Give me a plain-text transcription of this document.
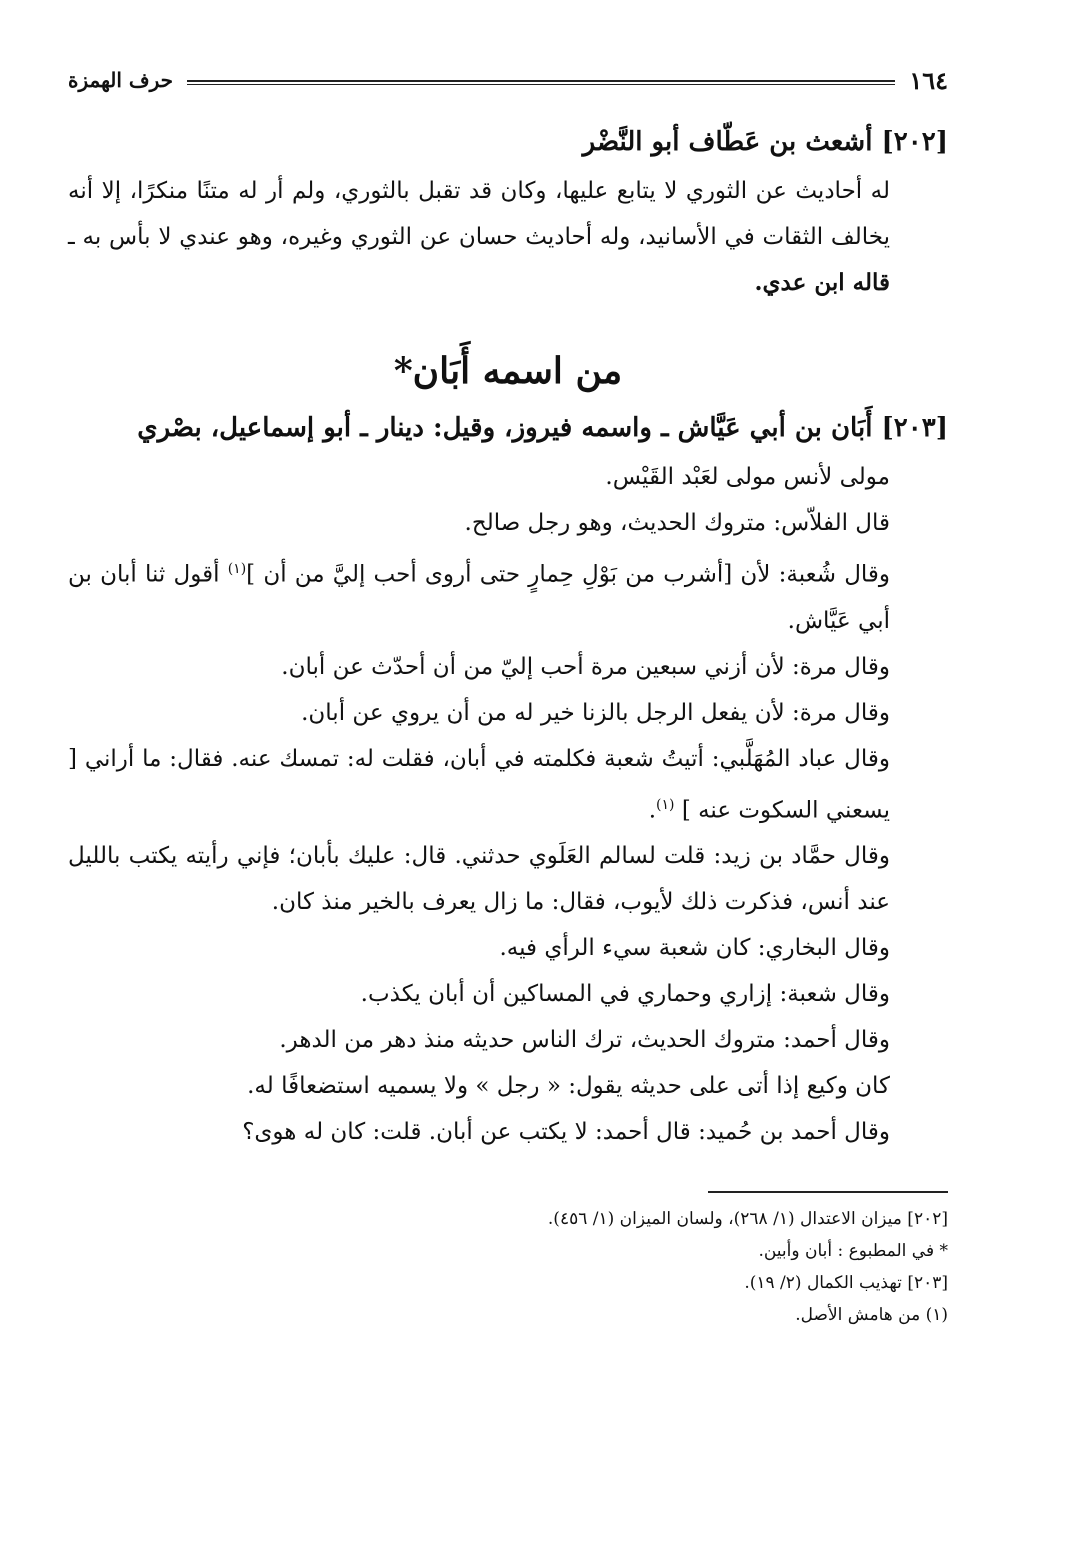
١٦٤
حرف الهمزة
[٢٠٢] أشعث بن عَطّاف أبو النَّضْر

له أحاديث عن الثوري لا يتابع عليها، وكان قد تقبل بالثوري، ولم أر له متنًا منكرًا، إلا أنه يخالف الثقات في الأسانيد، وله أحاديث حسان عن الثوري وغيره، وهو عندي لا بأس به ـ قاله ابن عدي.

من اسمه أَبَان*
[٢٠٣] أَبَان بن أبي عَيَّاش ـ واسمه فيروز، وقيل: دينار ـ أبو إسماعيل، بصْري

مولى لأنس مولى لعَبْد القَيْس.

قال الفلاّس: متروك الحديث، وهو رجل صالح.

وقال شُعبة: لأن [أشرب من بَوْلِ حِمارٍ حتى أروى أحب إليَّ من أن ]$^{(١)}$ أقول ثنا أبان بن أبي عَيَّاش.

وقال مرة: لأن أزني سبعين مرة أحب إليّ من أن أحدّث عن أبان.

وقال مرة: لأن يفعل الرجل بالزنا خير له من أن يروي عن أبان.

وقال عباد المُهَلَّبي: أتيتُ شعبة فكلمته في أبان، فقلت له: تمسك عنه. فقال: ما أراني [ يسعني السكوت عنه ] $^{(١)}$.

وقال حمَّاد بن زيد: قلت لسالم العَلَوي حدثني. قال: عليك بأبان؛ فإني رأيته يكتب بالليل عند أنس، فذكرت ذلك لأيوب، فقال: ما زال يعرف بالخير منذ كان.

وقال البخاري: كان شعبة سيء الرأي فيه.

وقال شعبة: إزاري وحماري في المساكين أن أبان يكذب.

وقال أحمد: متروك الحديث، ترك الناس حديثه منذ دهر من الدهر.

كان وكيع إذا أتى على حديثه يقول: « رجل » ولا يسميه استضعافًا له.

وقال أحمد بن حُميد: قال أحمد: لا يكتب عن أبان. قلت: كان له هوى؟

[٢٠٢] ميزان الاعتدال (١/ ٢٦٨)، ولسان الميزان (١/ ٤٥٦).

* في المطبوع : أبان وأبين.

[٢٠٣] تهذيب الكمال (٢/ ١٩).

(١) من هامش الأصل.
